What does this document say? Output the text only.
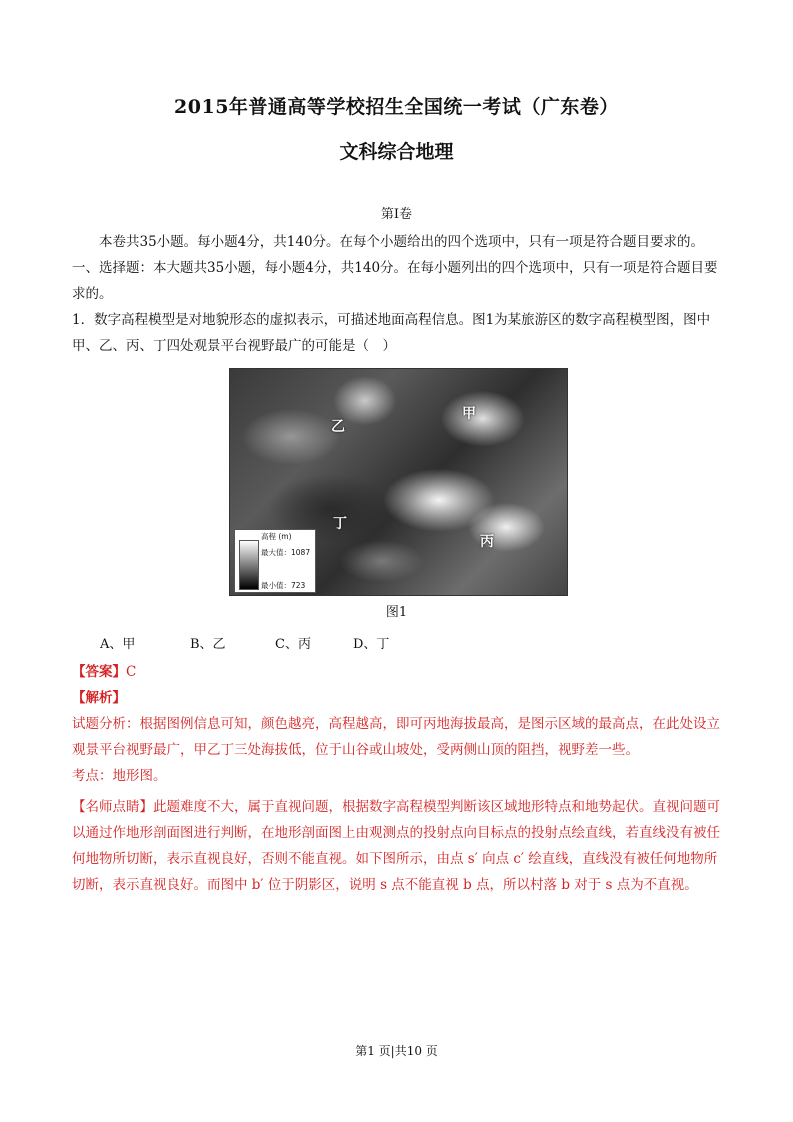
2015年普通高等学校招生全国统一考试（广东卷）
文科综合地理
第Ⅰ卷
本卷共35小题。每小题4分，共140分。在每个小题给出的四个选项中，只有一项是符合题目要求的。
一、选择题：本大题共35小题，每小题4分，共140分。在每小题列出的四个选项中，只有一项是符合题目要求的。
1．数字高程模型是对地貌形态的虚拟表示，可描述地面高程信息。图1为某旅游区的数字高程模型图，图中甲、乙、丙、丁四处观景平台视野最广的可能是（　）
甲
乙
丁
丙
高程 (m)
最大值：1087
最小值：723
图1
A、甲	B、乙	C、丙	D、丁
【答案】C
【解析】
试题分析：根据图例信息可知，颜色越亮，高程越高，即可丙地海拔最高，是图示区域的最高点，在此处设立观景平台视野最广，甲乙丁三处海拔低，位于山谷或山坡处，受两侧山顶的阻挡，视野差一些。
考点：地形图。
【名师点睛】此题难度不大，属于直视问题，根据数字高程模型判断该区域地形特点和地势起伏。直视问题可以通过作地形剖面图进行判断，在地形剖面图上由观测点的投射点向目标点的投射点绘直线，若直线没有被任何地物所切断，表示直视良好，否则不能直视。如下图所示，由点 s′ 向点 c′ 绘直线，直线没有被任何地物所切断，表示直视良好。而图中 b′ 位于阴影区，说明 s 点不能直视 b 点，所以村落 b 对于 s 点为不直视。
第1 页|共10 页
